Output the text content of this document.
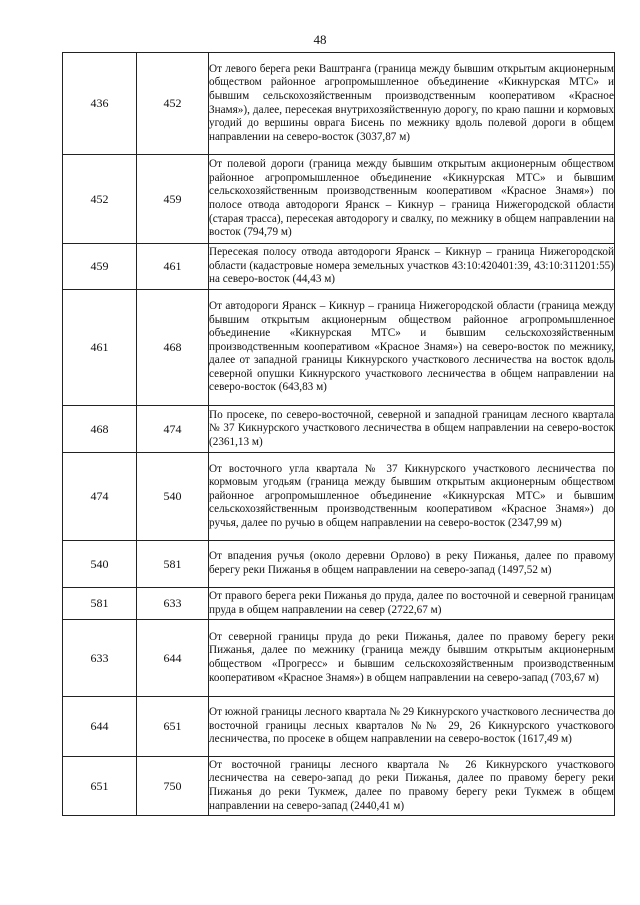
48
436	452	От левого берега реки Ваштранга (граница между бывшим открытым акционерным обществом районное агропромышленное объединение «Кикнурская МТС» и бывшим сельскохозяйственным производственным кооперативом «Красное Знамя»), далее, пересекая внутрихозяйственную дорогу, по краю пашни и кормовых угодий до вершины оврага Бисень по межнику вдоль полевой дороги в общем направлении на северо-восток (3037,87 м)
452	459	От полевой дороги (граница между бывшим открытым акционерным обществом районное агропромышленное объединение «Кикнурская МТС» и бывшим сельскохозяйственным производственным кооперативом «Красное Знамя») по полосе отвода автодороги Яранск – Кикнур – граница Нижегородской области (старая трасса), пересекая автодорогу и свалку, по межнику в общем направлении на восток (794,79 м)
459	461	Пересекая полосу отвода автодороги Яранск – Кикнур – граница Нижегородской области (кадастровые номера земельных участков 43:10:420401:39, 43:10:311201:55) на северо-восток (44,43 м)
461	468	От автодороги Яранск – Кикнур – граница Нижегородской области (граница между бывшим открытым акционерным обществом районное агропромышленное объединение «Кикнурская МТС» и бывшим сельскохозяйственным производственным кооперативом «Красное Знамя») на северо-восток по межнику, далее от западной границы Кикнурского участкового лесничества на восток вдоль северной опушки Кикнурского участкового лесничества в общем направлении на северо-восток (643,83 м)
468	474	По просеке, по северо-восточной, северной и западной границам лесного квартала № 37 Кикнурского участкового лесничества в общем направлении на северо-восток (2361,13 м)
474	540	От восточного угла квартала № 37 Кикнурского участкового лесничества по кормовым угодьям (граница между бывшим открытым акционерным обществом районное агропромышленное объединение «Кикнурская МТС» и бывшим сельскохозяйственным производственным кооперативом «Красное Знамя») до ручья, далее по ручью в общем направлении на северо-восток (2347,99 м)
540	581	От впадения ручья (около деревни Орлово) в реку Пижанья, далее по правому берегу реки Пижанья в общем направлении на северо-запад (1497,52 м)
581	633	От правого берега реки Пижанья до пруда, далее по восточной и северной границам пруда в общем направлении на север (2722,67 м)
633	644	От северной границы пруда до реки Пижанья, далее по правому берегу реки Пижанья, далее по межнику (граница между бывшим открытым акционерным обществом «Прогресс» и бывшим сельскохозяйственным производственным кооперативом «Красное Знамя») в общем направлении на северо-запад (703,67 м)
644	651	От южной границы лесного квартала № 29 Кикнурского участкового лесничества до восточной границы лесных кварталов №№ 29, 26 Кикнурского участкового лесничества, по просеке в общем направлении на северо-восток (1617,49 м)
651	750	От восточной границы лесного квартала № 26 Кикнурского участкового лесничества на северо-запад до реки Пижанья, далее по правому берегу реки Пижанья до реки Тукмеж, далее по правому берегу реки Тукмеж в общем направлении на северо-запад (2440,41 м)
